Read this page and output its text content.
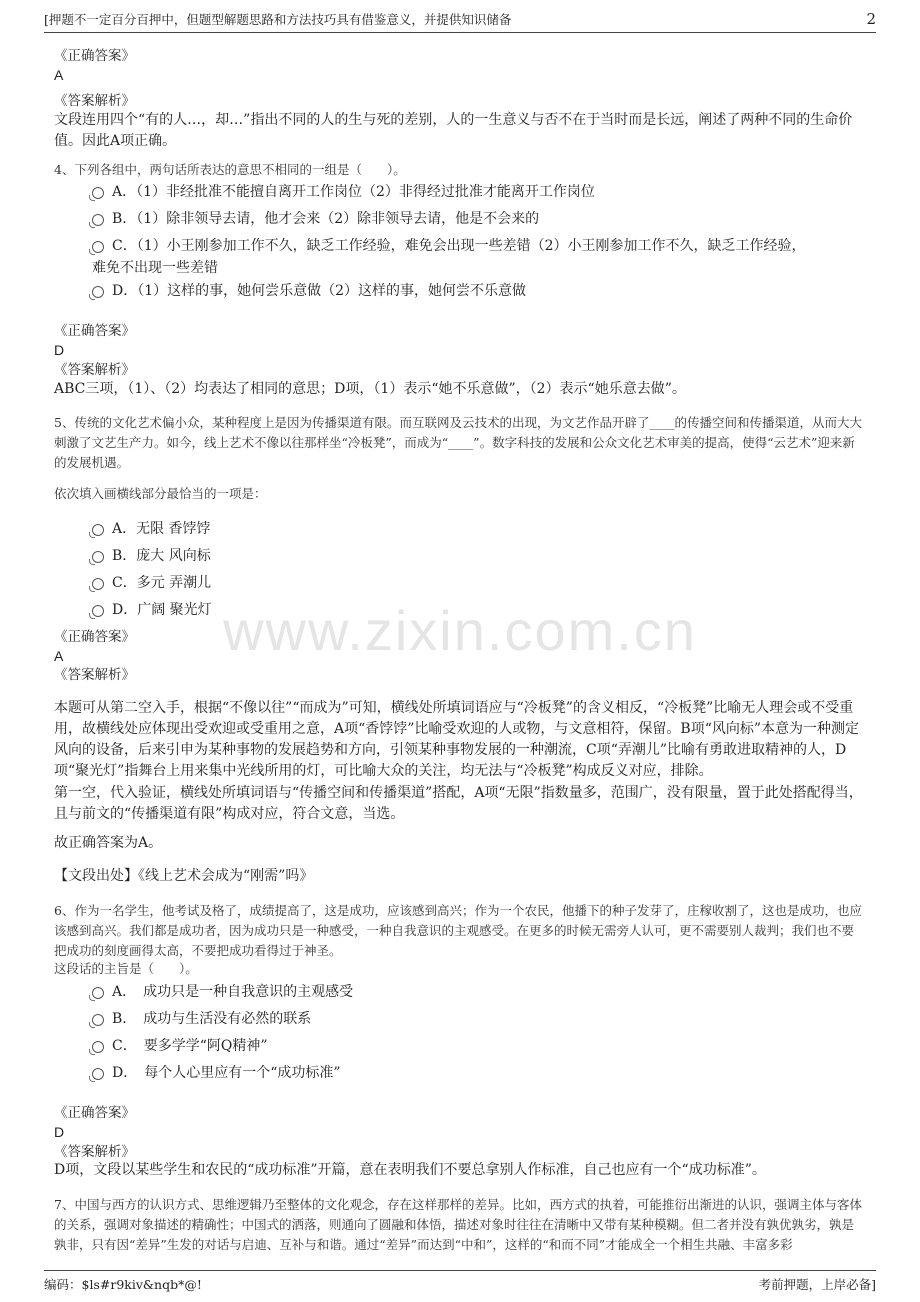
[押题不一定百分百押中，但题型解题思路和方法技巧具有借鉴意义，并提供知识储备	2
《正确答案》
A
《答案解析》
文段连用四个“有的人…，却…”指出不同的人的生与死的差别，人的一生意义与否不在于当时而是长远，阐述了两种不同的生命价值。因此A项正确。
4、下列各组中，两句话所表达的意思不相同的一组是（　　）。
A．（1）非经批准不能擅自离开工作岗位（2）非得经过批准才能离开工作岗位
B．（1）除非领导去请，他才会来（2）除非领导去请，他是不会来的
C．（1）小王刚参加工作不久，缺乏工作经验，难免会出现一些差错（2）小王刚参加工作不久，缺乏工作经验，
难免不出现一些差错
D．（1）这样的事，她何尝乐意做（2）这样的事，她何尝不乐意做
《正确答案》
D
《答案解析》
ABC三项，（1）、（2）均表达了相同的意思；D项，（1）表示“她不乐意做”，（2）表示“她乐意去做”。
5、传统的文化艺术偏小众，某种程度上是因为传播渠道有限。而互联网及云技术的出现，为文艺作品开辟了____的传播空间和传播渠道，从而大大刺激了文艺生产力。如今，线上艺术不像以往那样坐“冷板凳”，而成为“____”。数字科技的发展和公众文化艺术审美的提高，使得“云艺术”迎来新的发展机遇。
依次填入画横线部分最恰当的一项是：
A．无限 香饽饽
B．庞大 风向标
C．多元 弄潮儿
D．广阔 聚光灯
《正确答案》
A
《答案解析》
本题可从第二空入手，根据“不像以往”“而成为”可知，横线处所填词语应与“冷板凳”的含义相反，“冷板凳”比喻无人理会或不受重用，故横线处应体现出受欢迎或受重用之意，A项“香饽饽”比喻受欢迎的人或物，与文意相符，保留。B项“风向标”本意为一种测定风向的设备，后来引申为某种事物的发展趋势和方向，引领某种事物发展的一种潮流，C项“弄潮儿”比喻有勇敢进取精神的人，D项“聚光灯”指舞台上用来集中光线所用的灯，可比喻大众的关注，均无法与“冷板凳”构成反义对应，排除。
第一空，代入验证，横线处所填词语与“传播空间和传播渠道”搭配，A项“无限”指数量多，范围广，没有限量，置于此处搭配得当，且与前文的“传播渠道有限”构成对应，符合文意，当选。
故正确答案为A。
【文段出处】《线上艺术会成为“刚需”吗》
6、作为一名学生，他考试及格了，成绩提高了，这是成功，应该感到高兴；作为一个农民，他播下的种子发芽了，庄稼收割了，这也是成功，也应该感到高兴。我们都是成功者，因为成功只是一种感受，一种自我意识的主观感受。在更多的时候无需旁人认可，更不需要别人裁判；我们也不要把成功的刻度画得太高，不要把成功看得过于神圣。
这段话的主旨是（　　）。
A．　成功只是一种自我意识的主观感受
B．　成功与生活没有必然的联系
C．　要多学学“阿Q精神”
D．　每个人心里应有一个“成功标准”
《正确答案》
D
《答案解析》
D项，文段以某些学生和农民的“成功标准”开篇，意在表明我们不要总拿别人作标准，自己也应有一个“成功标准”。
7、中国与西方的认识方式、思维逻辑乃至整体的文化观念，存在这样那样的差异。比如，西方式的执着，可能推衍出渐进的认识，强调主体与客体的关系，强调对象描述的精确性；中国式的洒落，则通向了圆融和体悟，描述对象时往往在清晰中又带有某种模糊。但二者并没有孰优孰劣，孰是孰非，只有因“差异”生发的对话与启迪、互补与和谐。通过“差异”而达到“中和”，这样的“和而不同”才能成全一个相生共融、丰富多彩
www.zixin.com.cn
编码：$ls#r9kiv&nqb*@!	考前押题，上岸必备]
